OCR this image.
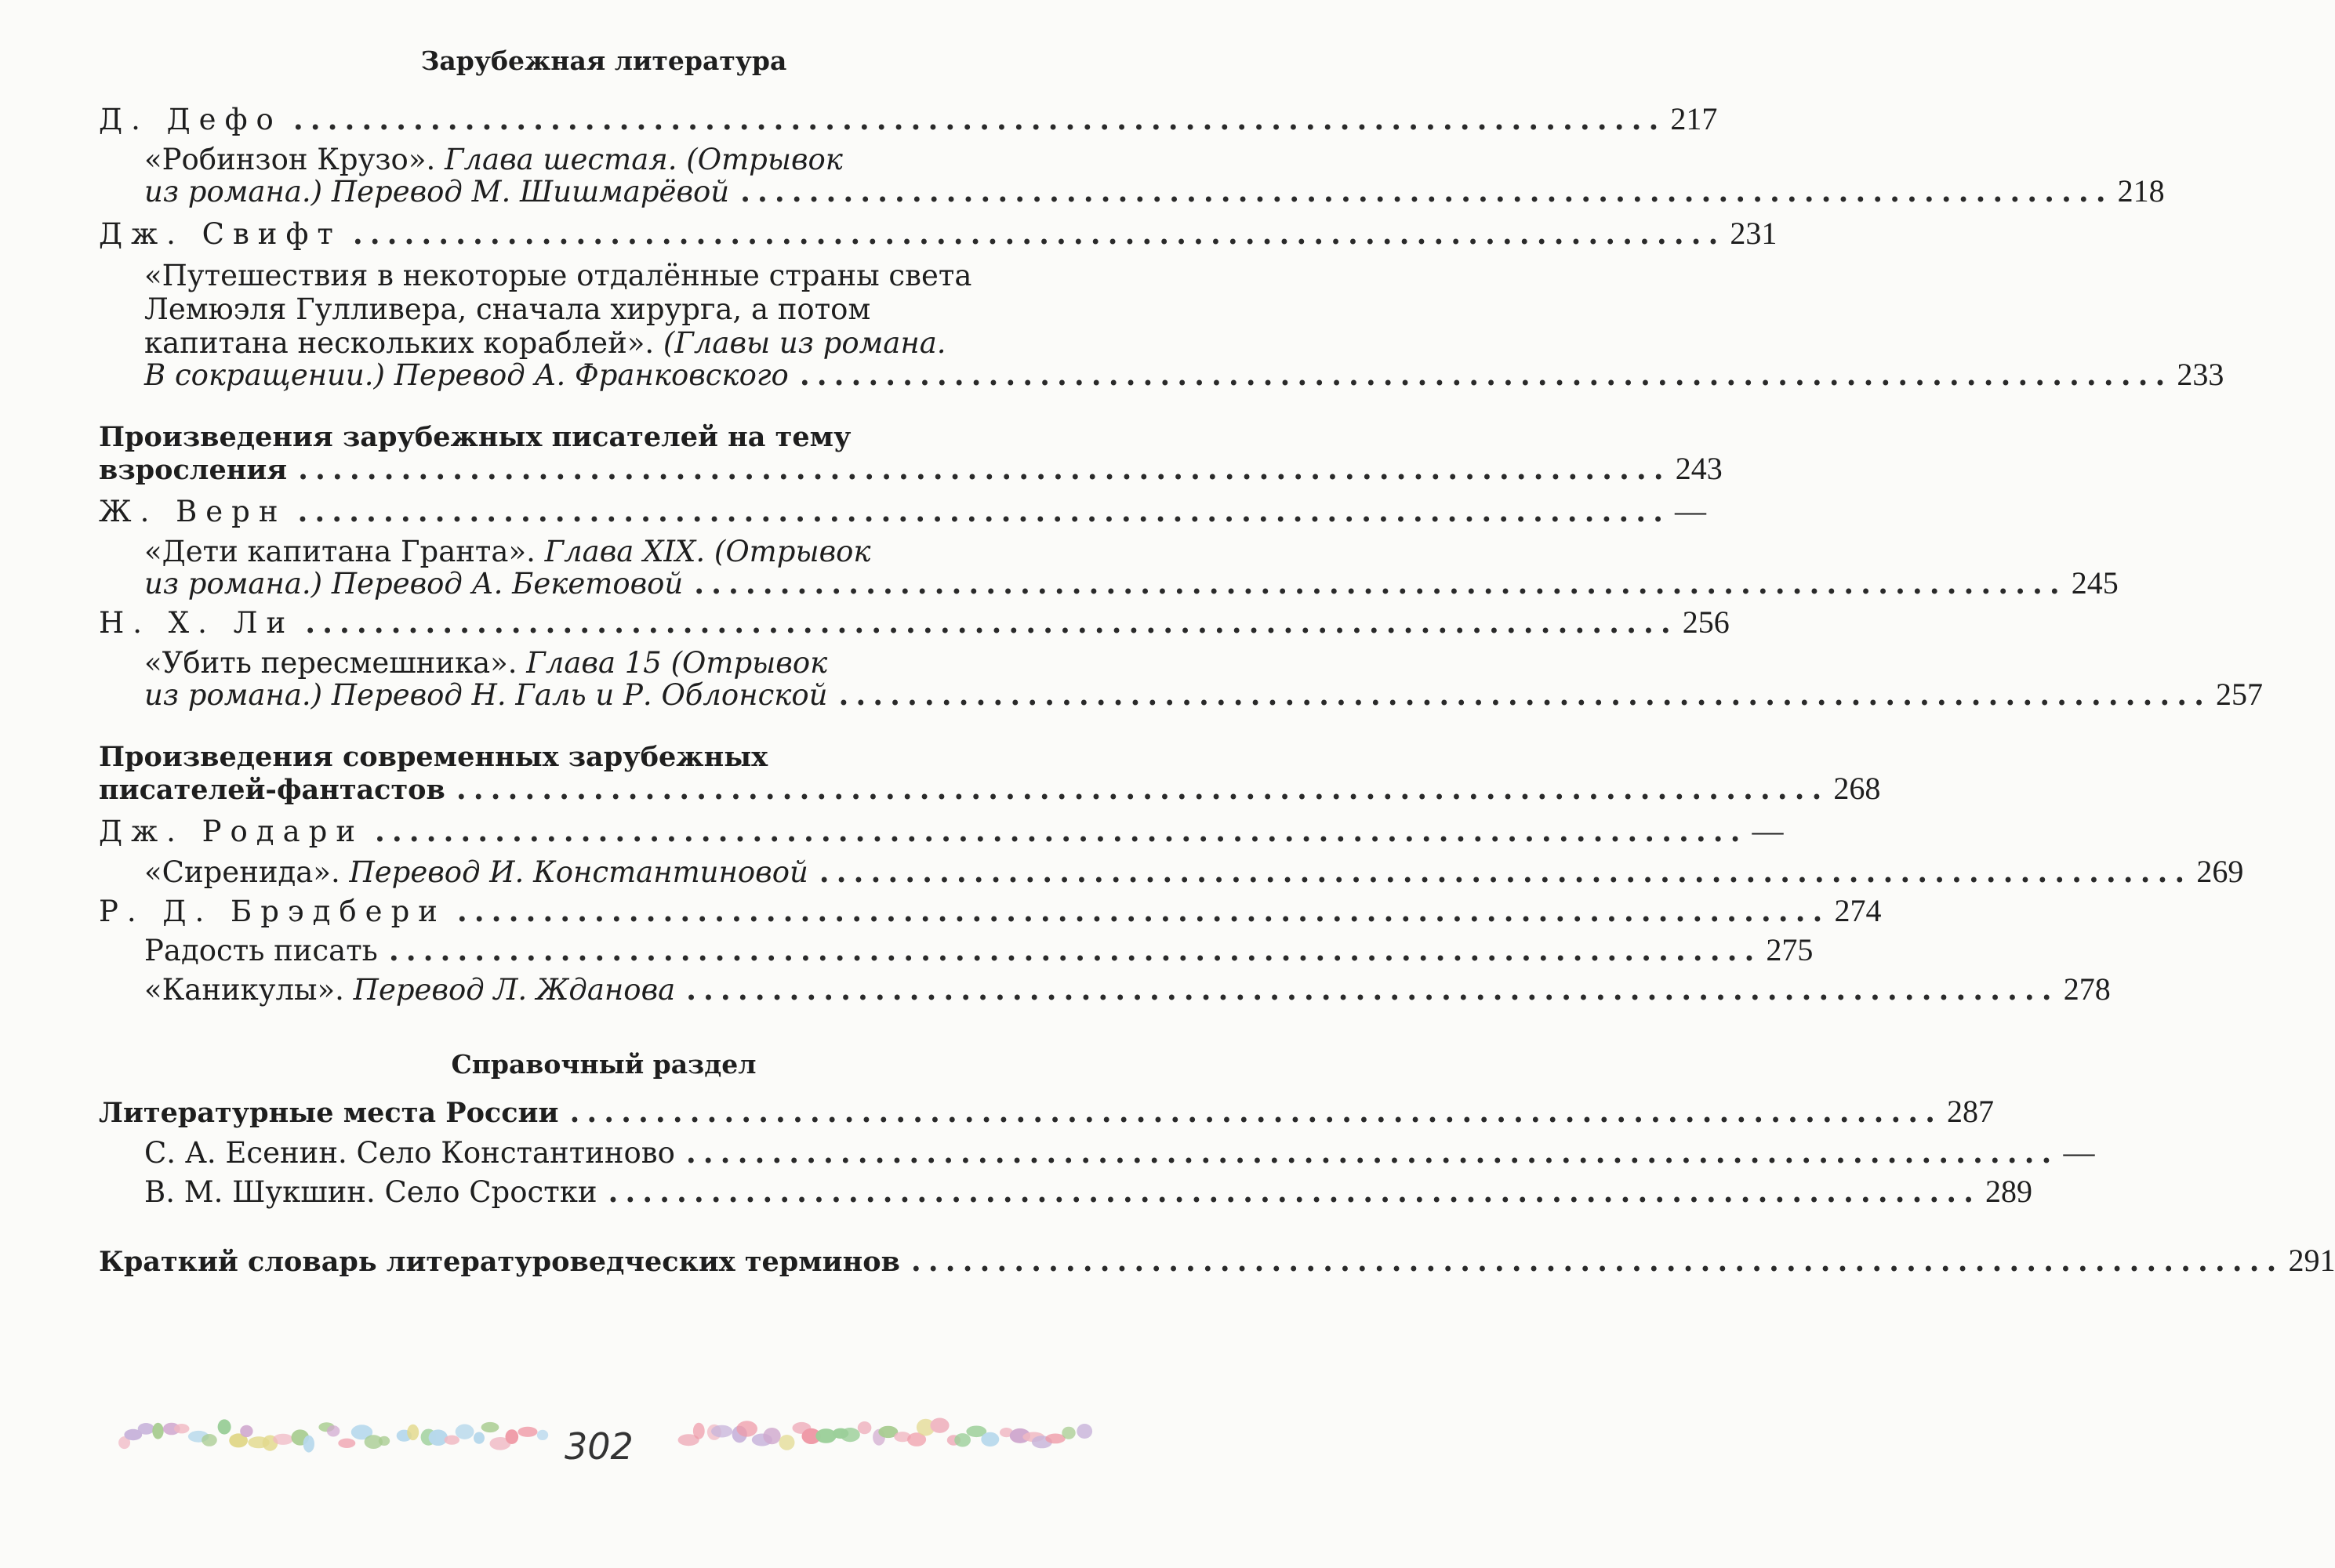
Зарубежная литература
Д. Дефо ................................................................................ 217
«Робинзон Крузо». Глава шестая. (Отрывок
из романа.) Перевод М. Шишмарёвой ................................................................................ 218
Дж. Свифт ................................................................................ 231
«Путешествия в некоторые отдалённые страны света
Лемюэля Гулливера, сначала хирурга, а потом
капитана нескольких кораблей». (Главы из романа.
В сокращении.) Перевод А. Франковского ................................................................................ 233
Произведения зарубежных писателей на тему
взросления ................................................................................ 243
Ж. Верн ................................................................................ —
«Дети капитана Гранта». Глава XIX. (Отрывок
из романа.) Перевод А. Бекетовой ................................................................................ 245
Н. Х. Ли ................................................................................ 256
«Убить пересмешника». Глава 15 (Отрывок
из романа.) Перевод Н. Галь и Р. Облонской ................................................................................ 257
Произведения современных зарубежных
писателей-фантастов ................................................................................ 268
Дж. Родари ................................................................................ —
«Сиренида». Перевод И. Константиновой ................................................................................ 269
Р. Д. Брэдбери ................................................................................ 274
Радость писать ................................................................................ 275
«Каникулы». Перевод Л. Жданова ................................................................................ 278
Справочный раздел
Литературные места России ................................................................................ 287
С. А. Есенин. Село Константиново ................................................................................ —
В. М. Шукшин. Село Сростки ................................................................................ 289
Краткий словарь литературоведческих терминов ................................................................................ 291
302
